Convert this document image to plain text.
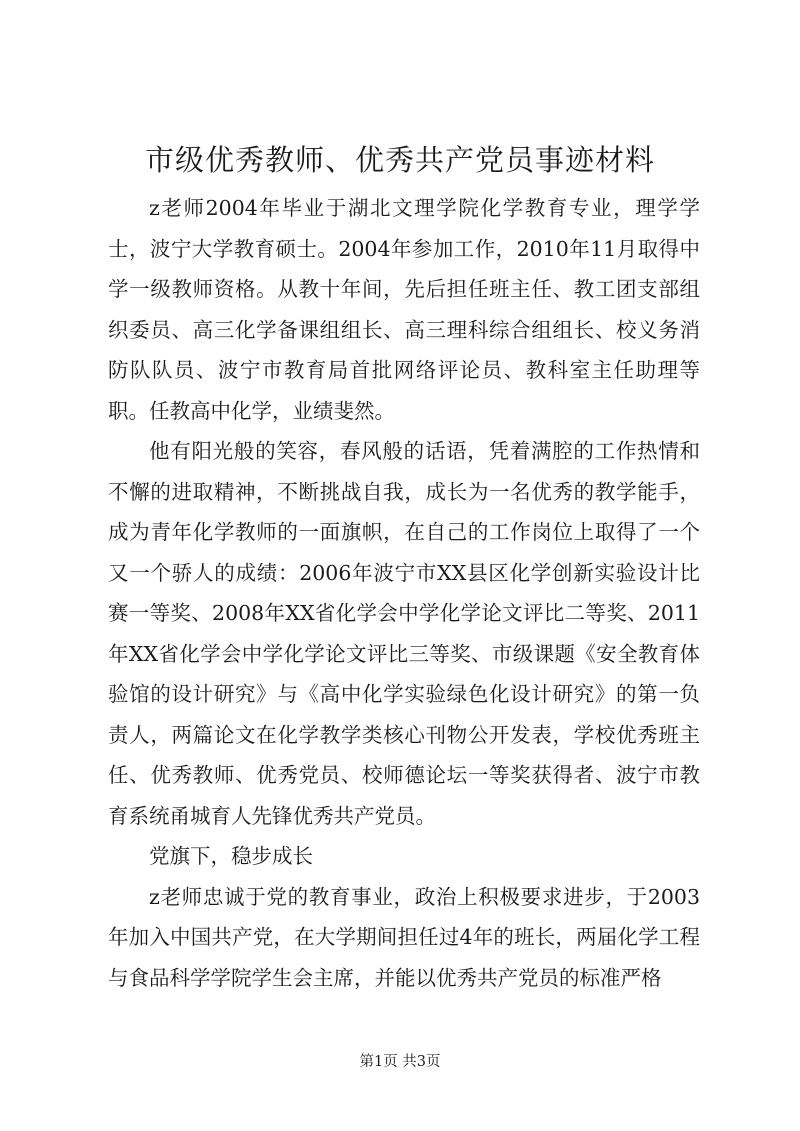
市级优秀教师、优秀共产党员事迹材料

z老师2004年毕业于湖北文理学院化学教育专业，理学学士，波宁大学教育硕士。2004年参加工作，2010年11月取得中学一级教师资格。从教十年间，先后担任班主任、教工团支部组织委员、高三化学备课组组长、高三理科综合组组长、校义务消防队队员、波宁市教育局首批网络评论员、教科室主任助理等职。任教高中化学，业绩斐然。

他有阳光般的笑容，春风般的话语，凭着满腔的工作热情和不懈的进取精神，不断挑战自我，成长为一名优秀的教学能手，成为青年化学教师的一面旗帜，在自己的工作岗位上取得了一个又一个骄人的成绩：2006年波宁市XX县区化学创新实验设计比赛一等奖、2008年XX省化学会中学化学论文评比二等奖、2011年XX省化学会中学化学论文评比三等奖、市级课题《安全教育体验馆的设计研究》与《高中化学实验绿色化设计研究》的第一负责人，两篇论文在化学教学类核心刊物公开发表，学校优秀班主任、优秀教师、优秀党员、校师德论坛一等奖获得者、波宁市教育系统甬城育人先锋优秀共产党员。

党旗下，稳步成长

z老师忠诚于党的教育事业，政治上积极要求进步，于2003年加入中国共产党，在大学期间担任过4年的班长，两届化学工程与食品科学学院学生会主席，并能以优秀共产党员的标准严格

第1页 共3页
